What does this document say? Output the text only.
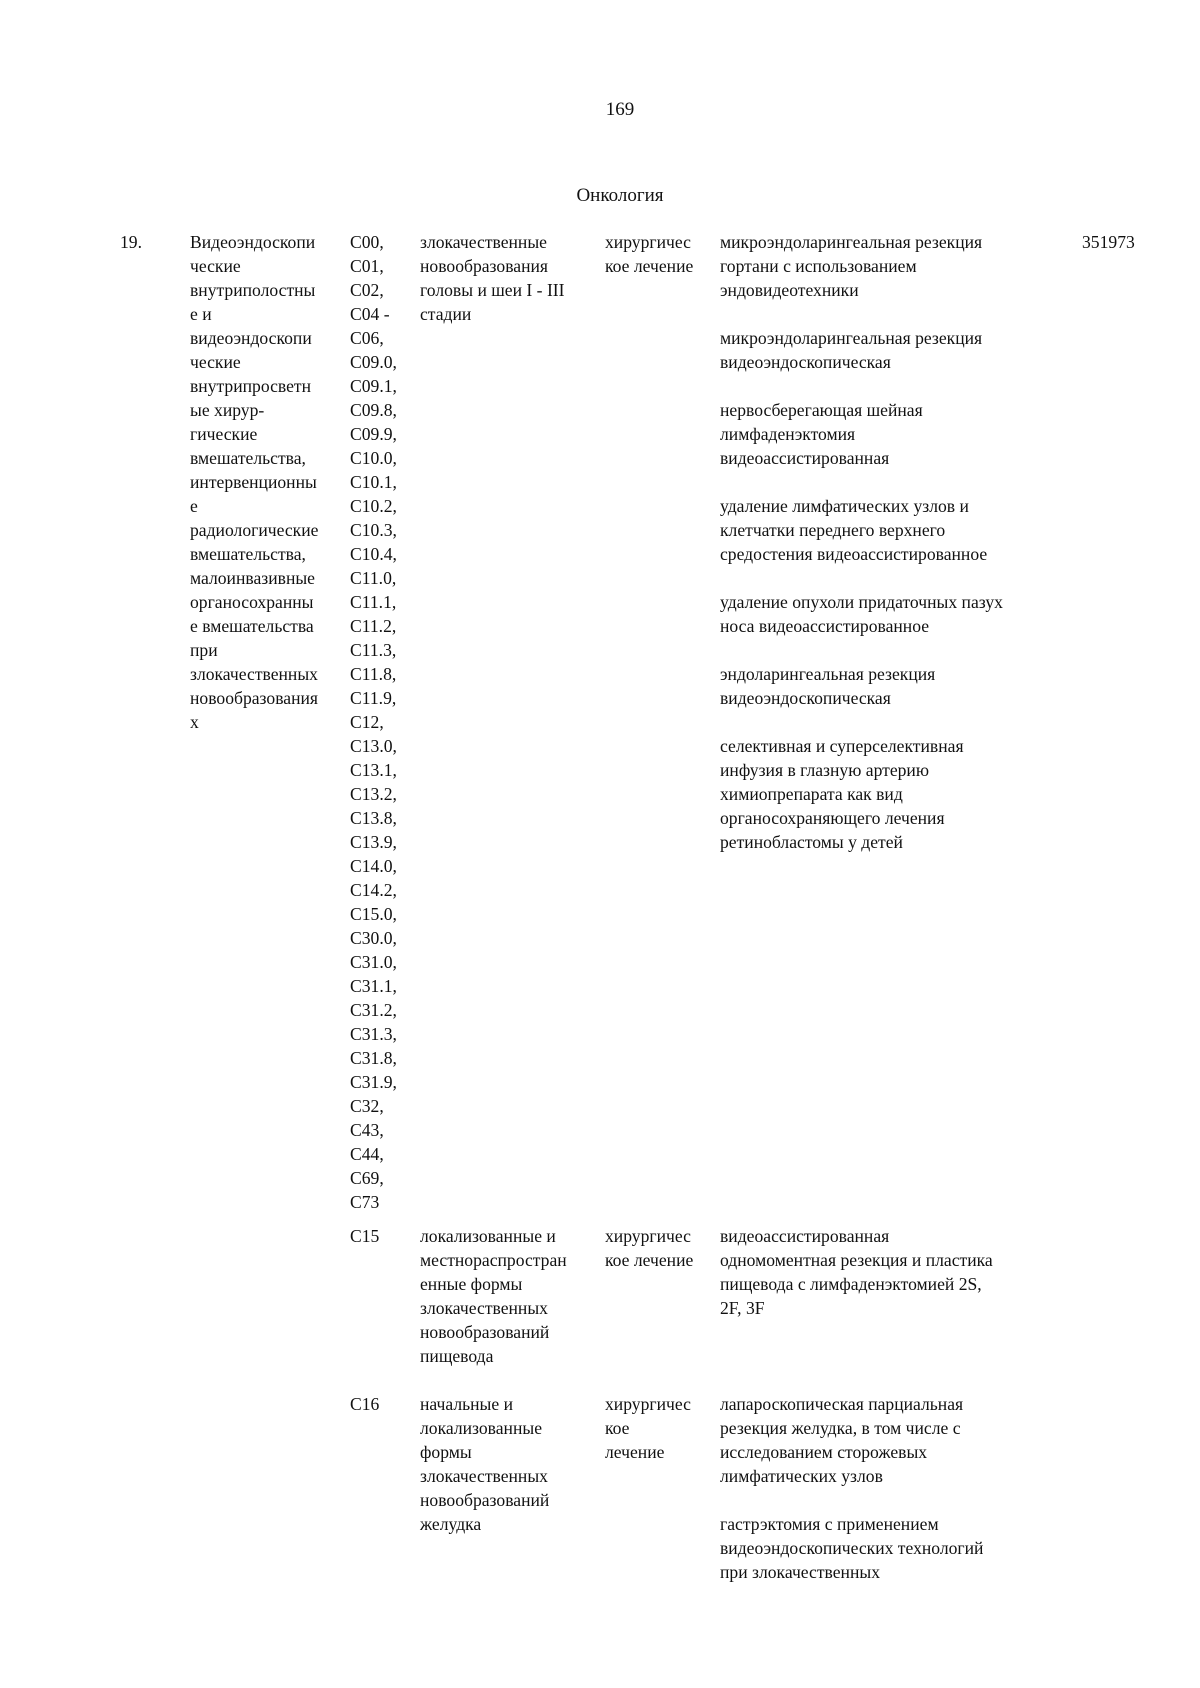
169
Онкология
19.	Видеоэндоскопи
ческие
внутриполостны
е и
видеоэндоскопи
ческие
внутрипросветн
ые хирур-
гические
вмешательства,
интервенционны
е
радиологические
вмешательства,
малоинвазивные
органосохранны
е вмешательства
при
злокачественных
новообразования
х
С00,
С01,
С02,
С04 -
С06,
С09.0,
С09.1,
С09.8,
С09.9,
С10.0,
С10.1,
С10.2,
С10.3,
С10.4,
С11.0,
С11.1,
С11.2,
С11.3,
С11.8,
С11.9,
С12,
С13.0,
С13.1,
С13.2,
С13.8,
С13.9,
С14.0,
С14.2,
С15.0,
С30.0,
С31.0,
С31.1,
С31.2,
С31.3,
С31.8,
С31.9,
С32,
С43,
С44,
С69,
С73
злокачественные
новообразования
головы и шеи I - III
стадии
хирургичес
кое лечение
микроэндоларингеальная резекция
гортани с использованием
эндовидеотехники
микроэндоларингеальная резекция
видеоэндоскопическая
нервосберегающая шейная
лимфаденэктомия
видеоассистированная
удаление лимфатических узлов и
клетчатки переднего верхнего
средостения видеоассистированное
удаление опухоли придаточных пазух
носа видеоассистированное
эндоларингеальная резекция
видеоэндоскопическая
селективная и суперселективная
инфузия в глазную артерию
химиопрепарата как вид
органосохраняющего лечения
ретинобластомы у детей
351973
С15 локализованные и
местнораспростран
енные формы
злокачественных
новообразований
пищевода
хирургичес
кое лечение
видеоассистированная
одномоментная резекция и пластика
пищевода с лимфаденэктомией 2S,
2F, 3F
С16 начальные и
локализованные
формы
злокачественных
новообразований
желудка
хирургичес
кое
лечение
лапароскопическая парциальная
резекция желудка, в том числе с
исследованием сторожевых
лимфатических узлов
гастрэктомия с применением
видеоэндоскопических технологий
при злокачественных
